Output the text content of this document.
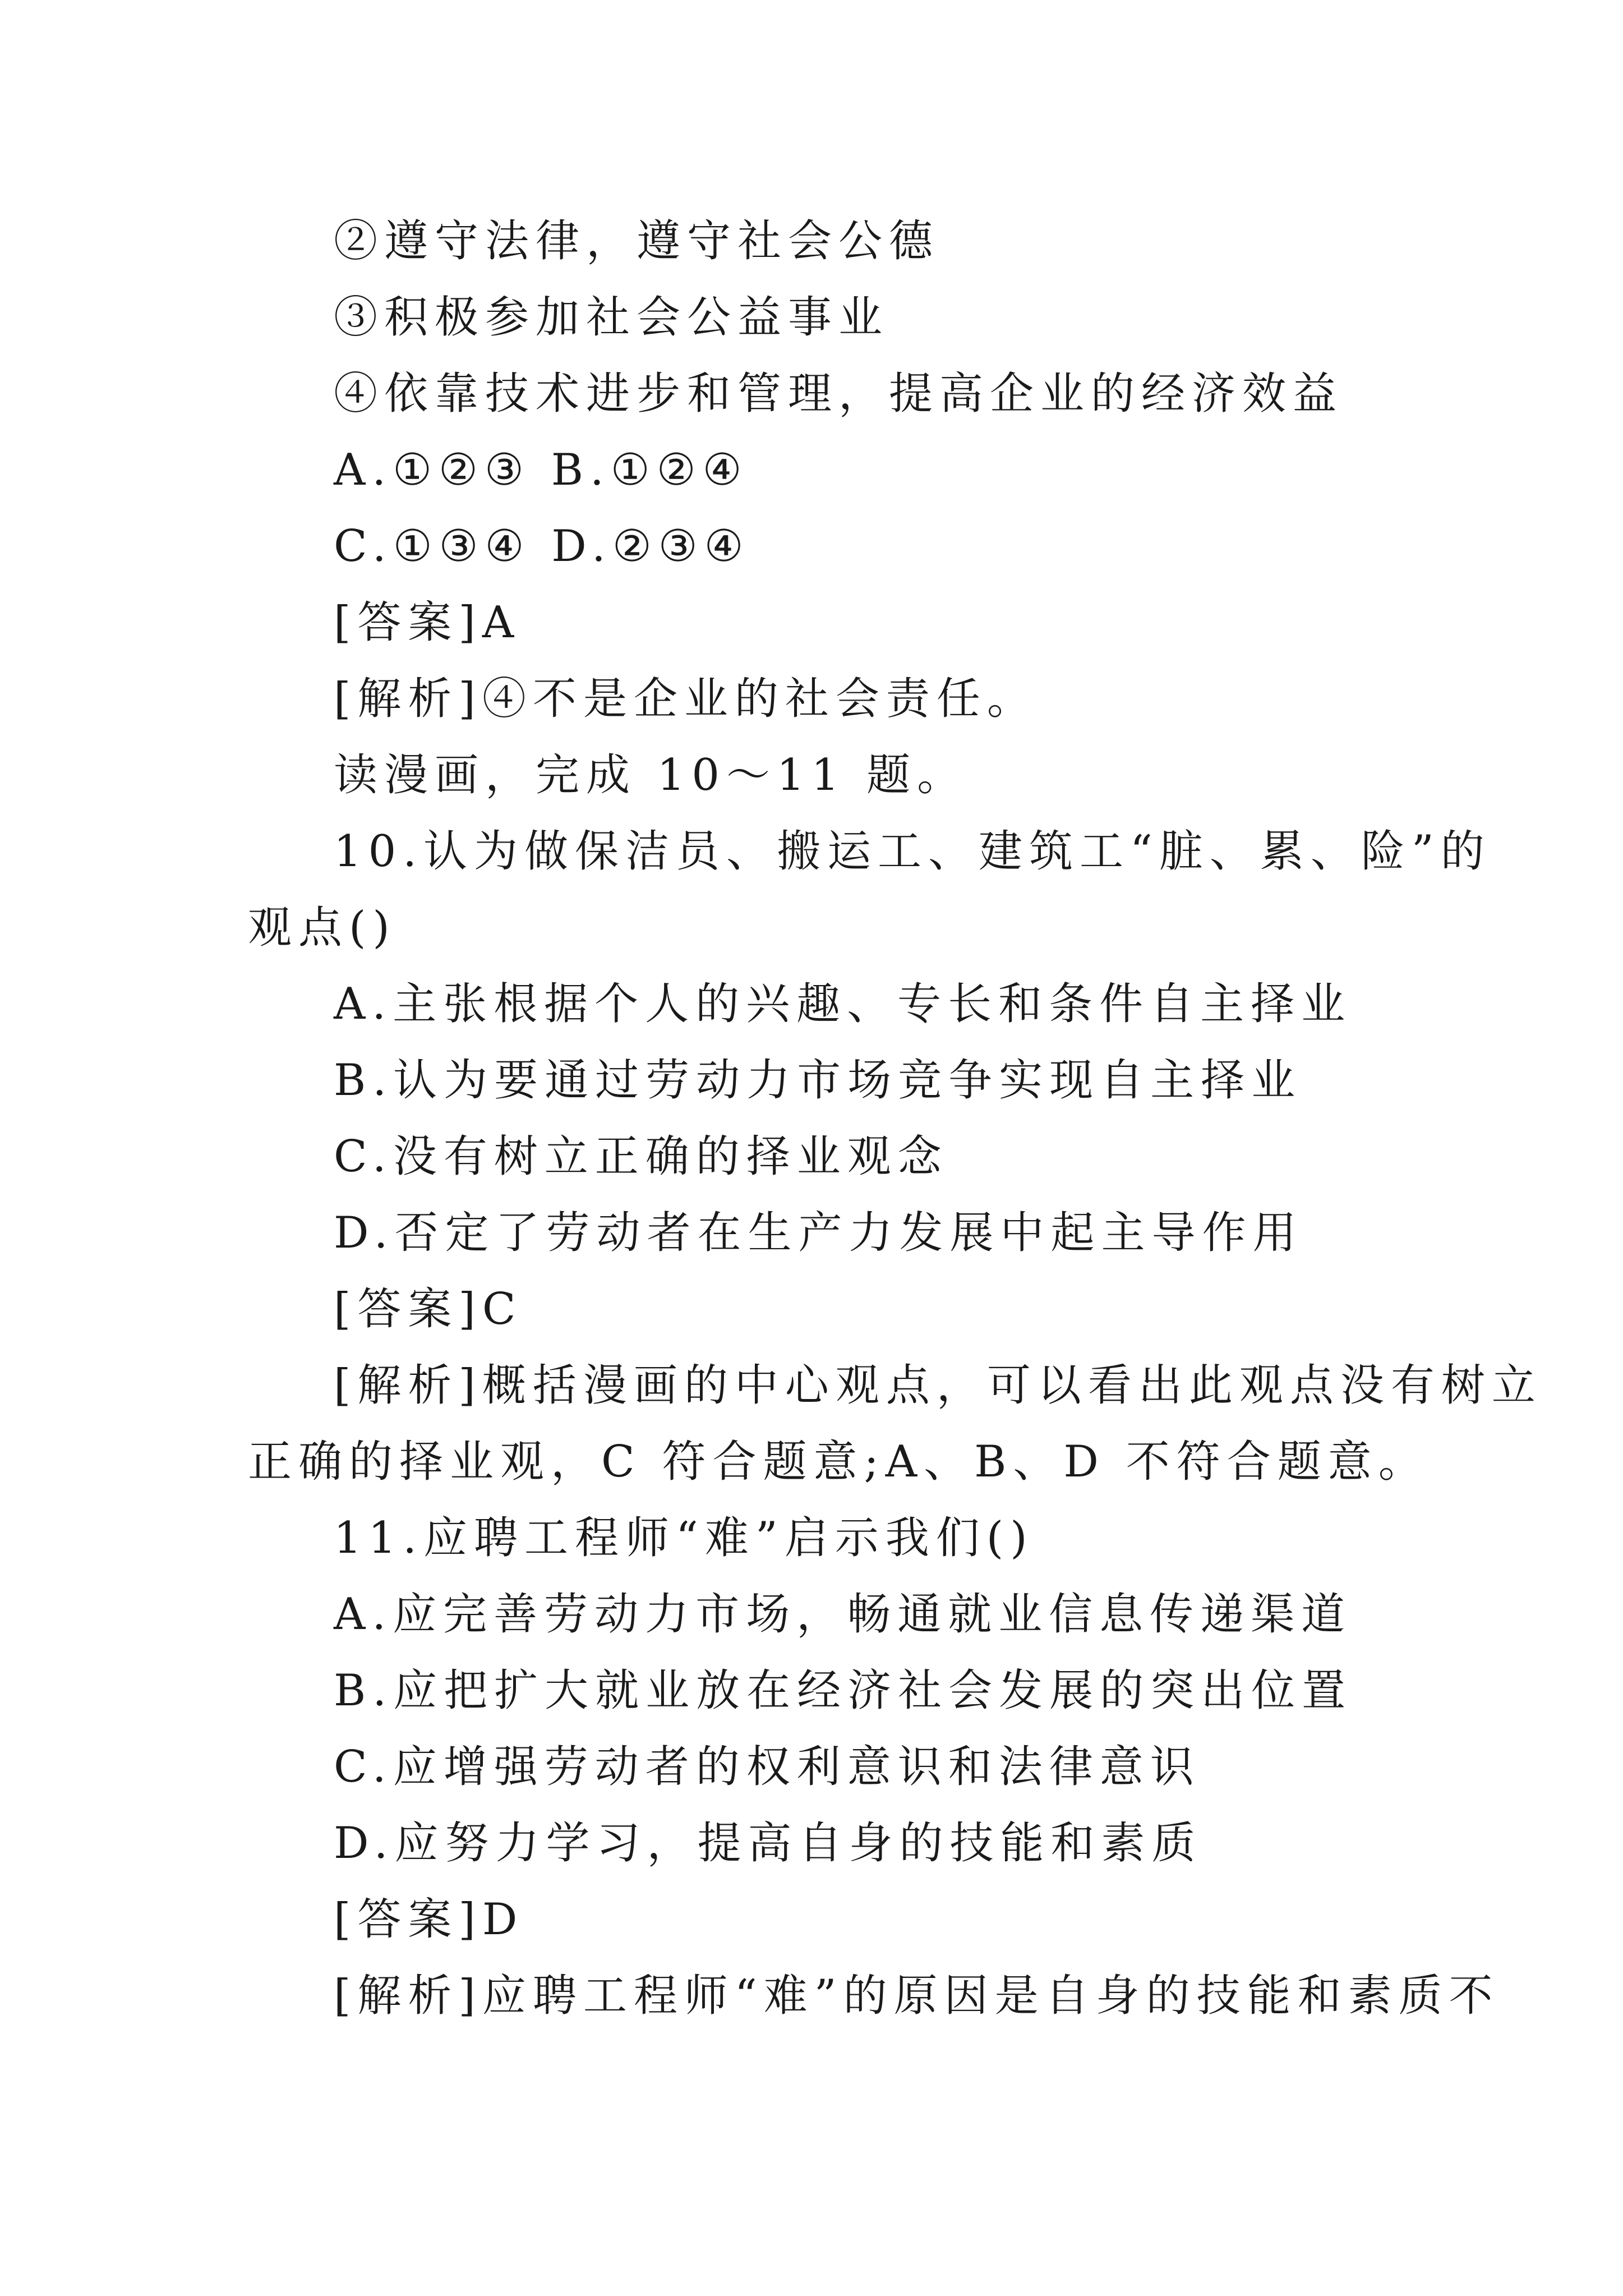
②遵守法律，遵守社会公德
③积极参加社会公益事业
④依靠技术进步和管理，提高企业的经济效益
A.①②③ B.①②④
C.①③④ D.②③④
[答案]A
[解析]④不是企业的社会责任。
读漫画，完成 10～11 题。
10.认为做保洁员、搬运工、建筑工“脏、累、险”的
观点()
A.主张根据个人的兴趣、专长和条件自主择业
B.认为要通过劳动力市场竞争实现自主择业
C.没有树立正确的择业观念
D.否定了劳动者在生产力发展中起主导作用
[答案]C
[解析]概括漫画的中心观点，可以看出此观点没有树立
正确的择业观，C 符合题意;A、B、D 不符合题意。
11.应聘工程师“难”启示我们()
A.应完善劳动力市场，畅通就业信息传递渠道
B.应把扩大就业放在经济社会发展的突出位置
C.应增强劳动者的权利意识和法律意识
D.应努力学习，提高自身的技能和素质
[答案]D
[解析]应聘工程师“难”的原因是自身的技能和素质不
